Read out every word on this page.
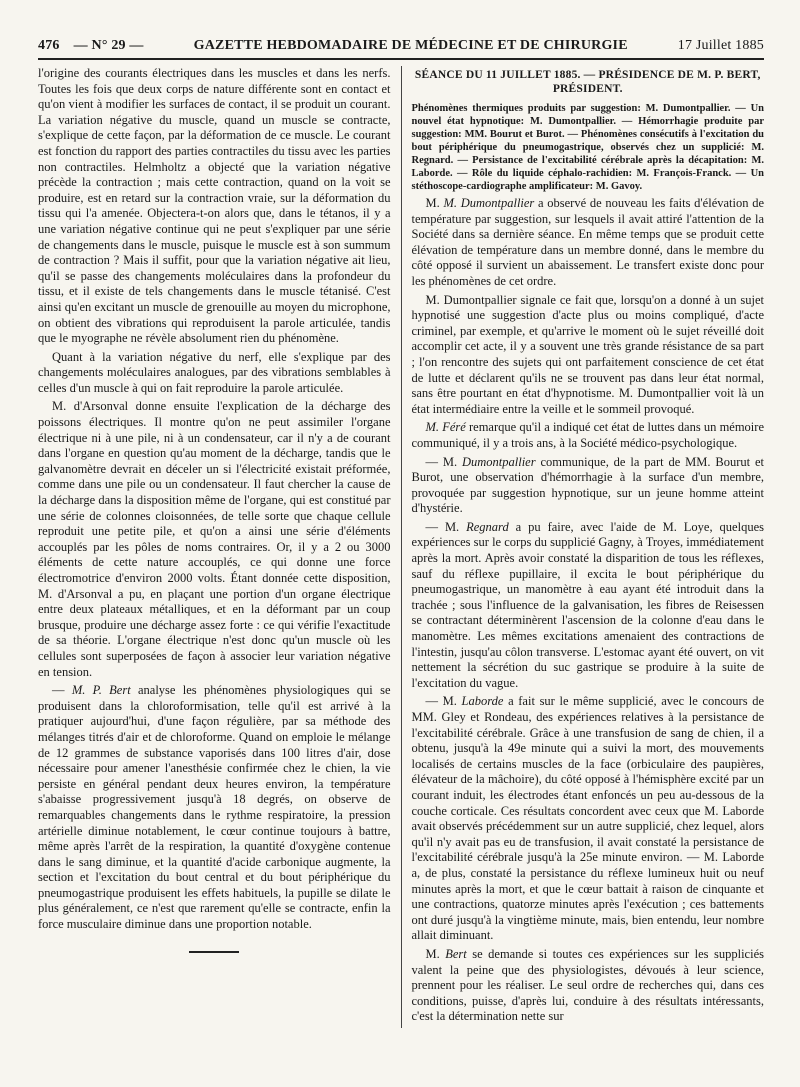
476 — N° 29 —	GAZETTE HEBDOMADAIRE DE MÉDECINE ET DE CHIRURGIE	17 Juillet 1885

l'origine des courants électriques dans les muscles et dans les nerfs. Toutes les fois que deux corps de nature différente sont en contact et qu'on vient à modifier les surfaces de contact, il se produit un courant. La variation négative du muscle, quand un muscle se contracte, s'explique de cette façon, par la déformation de ce muscle. Le courant est fonction du rapport des parties contractiles du tissu avec les parties non contractiles. Helmholtz a objecté que la variation négative précède la contraction ; mais cette contraction, quand on la voit se produire, est en retard sur la contraction vraie, sur la déformation du tissu qui l'a amenée. Objectera-t-on alors que, dans le tétanos, il y a une variation négative continue qui ne peut s'expliquer par une série de changements dans le muscle, puisque le muscle est à son summum de contraction ? Mais il suffit, pour que la variation négative ait lieu, qu'il se passe des changements moléculaires dans la profondeur du tissu, et il existe de tels changements dans le muscle tétanisé. C'est ainsi qu'en excitant un muscle de grenouille au moyen du microphone, on obtient des vibrations qui reproduisent la parole articulée, tandis que le myographe ne révèle absolument rien du phénomène.

Quant à la variation négative du nerf, elle s'explique par des changements moléculaires analogues, par des vibrations semblables à celles d'un muscle à qui on fait reproduire la parole articulée.

M. d'Arsonval donne ensuite l'explication de la décharge des poissons électriques. Il montre qu'on ne peut assimiler l'organe électrique ni à une pile, ni à un condensateur, car il n'y a de courant dans l'organe en question qu'au moment de la décharge, tandis que le galvanomètre devrait en déceler un si l'électricité existait préformée, comme dans une pile ou un condensateur. Il faut chercher la cause de la décharge dans la disposition même de l'organe, qui est constitué par une série de colonnes cloisonnées, de telle sorte que chaque cellule reproduit une petite pile, et qu'on a ainsi une série d'éléments accouplés par les pôles de noms contraires. Or, il y a 2 ou 3000 éléments de cette nature accouplés, ce qui donne une force électromotrice d'environ 2000 volts. Étant donnée cette disposition, M. d'Arsonval a pu, en plaçant une portion d'un organe électrique entre deux plateaux métalliques, et en la déformant par un coup brusque, produire une décharge assez forte : ce qui vérifie l'exactitude de sa théorie. L'organe électrique n'est donc qu'un muscle où les cellules sont superposées de façon à associer leur variation négative en tension.

— M. P. Bert analyse les phénomènes physiologiques qui se produisent dans la chloroformisation, telle qu'il est arrivé à la pratiquer aujourd'hui, d'une façon régulière, par sa méthode des mélanges titrés d'air et de chloroforme. Quand on emploie le mélange de 12 grammes de substance vaporisés dans 100 litres d'air, dose nécessaire pour amener l'anesthésie confirmée chez le chien, la vie persiste en général pendant deux heures environ, la température s'abaisse progressivement jusqu'à 18 degrés, on observe de remarquables changements dans le rythme respiratoire, la pression artérielle diminue notablement, le cœur continue toujours à battre, même après l'arrêt de la respiration, la quantité d'oxygène contenue dans le sang diminue, et la quantité d'acide carbonique augmente, la section et l'excitation du bout central et du bout périphérique du pneumogastrique produisent les effets habituels, la pupille se dilate le plus généralement, ce n'est que rarement qu'elle se contracte, enfin la force musculaire diminue dans une proportion notable.

SÉANCE DU 11 JUILLET 1885. — PRÉSIDENCE DE M. P. BERT, PRÉSIDENT.

Phénomènes thermiques produits par suggestion: M. Dumontpallier. — Un nouvel état hypnotique: M. Dumontpallier. — Hémorrhagie produite par suggestion: MM. Bourut et Burot. — Phénomènes consécutifs à l'excitation du bout périphérique du pneumogastrique, observés chez un supplicié: M. Regnard. — Persistance de l'excitabilité cérébrale après la décapitation: M. Laborde. — Rôle du liquide céphalo-rachidien: M. François-Franck. — Un stéthoscope-cardiographe amplificateur: M. Gavoy.

M. M. Dumontpallier a observé de nouveau les faits d'élévation de température par suggestion, sur lesquels il avait attiré l'attention de la Société dans sa dernière séance. En même temps que se produit cette élévation de température dans un membre donné, dans le membre du côté opposé il survient un abaissement. Le transfert existe donc pour les phénomènes de cet ordre.

M. Dumontpallier signale ce fait que, lorsqu'on a donné à un sujet hypnotisé une suggestion d'acte plus ou moins compliqué, d'acte criminel, par exemple, et qu'arrive le moment où le sujet réveillé doit accomplir cet acte, il y a souvent une très grande résistance de sa part ; l'on rencontre des sujets qui ont parfaitement conscience de cet état de lutte et déclarent qu'ils ne se trouvent pas dans leur état normal, sans être pourtant en état d'hypnotisme. M. Dumontpallier voit là un état intermédiaire entre la veille et le sommeil provoqué.

M. Féré remarque qu'il a indiqué cet état de luttes dans un mémoire communiqué, il y a trois ans, à la Société médico-psychologique.

— M. Dumontpallier communique, de la part de MM. Bourut et Burot, une observation d'hémorrhagie à la surface d'un membre, provoquée par suggestion hypnotique, sur un jeune homme atteint d'hystérie.

— M. Regnard a pu faire, avec l'aide de M. Loye, quelques expériences sur le corps du supplicié Gagny, à Troyes, immédiatement après la mort. Après avoir constaté la disparition de tous les réflexes, sauf du réflexe pupillaire, il excita le bout périphérique du pneumogastrique, un manomètre à eau ayant été introduit dans la trachée ; sous l'influence de la galvanisation, les fibres de Reisessen se contractant déterminèrent l'ascension de la colonne d'eau dans le manomètre. Les mêmes excitations amenaient des contractions de l'intestin, jusqu'au côlon transverse. L'estomac ayant été ouvert, on vit nettement la sécrétion du suc gastrique se produire à la suite de l'excitation du vague.

— M. Laborde a fait sur le même supplicié, avec le concours de MM. Gley et Rondeau, des expériences relatives à la persistance de l'excitabilité cérébrale. Grâce à une transfusion de sang de chien, il a obtenu, jusqu'à la 49e minute qui a suivi la mort, des mouvements localisés de certains muscles de la face (orbiculaire des paupières, élévateur de la mâchoire), du côté opposé à l'hémisphère excité par un courant induit, les électrodes étant enfoncés un peu au-dessous de la couche corticale. Ces résultats concordent avec ceux que M. Laborde avait observés précédemment sur un autre supplicié, chez lequel, alors qu'il n'y avait pas eu de transfusion, il avait constaté la persistance de l'excitabilité cérébrale jusqu'à la 25e minute environ. — M. Laborde a, de plus, constaté la persistance du réflexe lumineux huit ou neuf minutes après la mort, et que le cœur battait à raison de cinquante et une contractions, quatorze minutes après l'exécution ; ces battements ont duré jusqu'à la vingtième minute, mais, bien entendu, leur nombre allait diminuant.

M. Bert se demande si toutes ces expériences sur les suppliciés valent la peine que des physiologistes, dévoués à leur science, prennent pour les réaliser. Le seul ordre de recherches qui, dans ces conditions, puisse, d'après lui, conduire à des résultats intéressants, c'est la détermination nette sur
